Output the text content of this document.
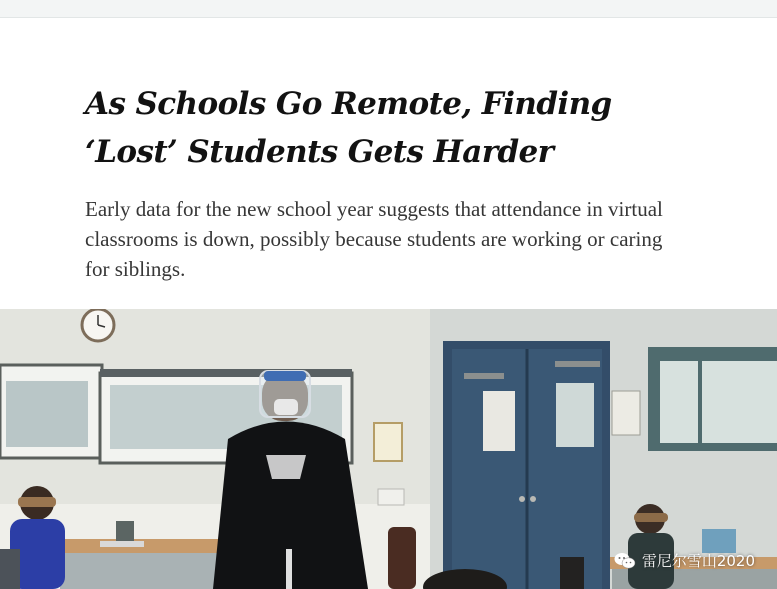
As Schools Go Remote, Finding ‘Lost’ Students Gets Harder

Early data for the new school year suggests that attendance in virtual classrooms is down, possibly because students are working or caring for siblings.

雷尼尔雪山2020
